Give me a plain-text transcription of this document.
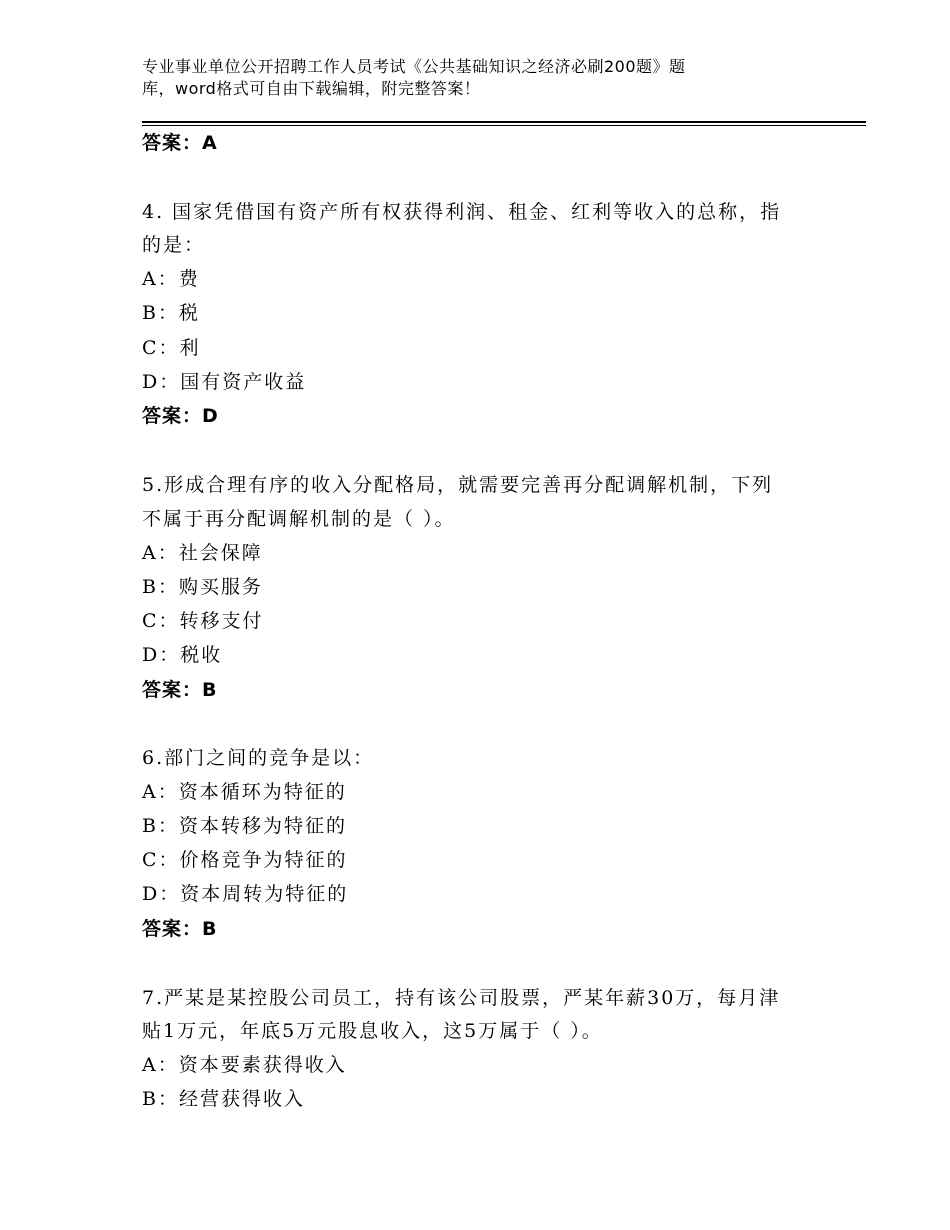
专业事业单位公开招聘工作人员考试《公共基础知识之经济必刷200题》题
库，word格式可自由下载编辑，附完整答案！
答案：A
4. 国家凭借国有资产所有权获得利润、租金、红利等收入的总称，指
的是：
A：费
B：税
C：利
D：国有资产收益
答案：D
5.形成合理有序的收入分配格局，就需要完善再分配调解机制，下列
不属于再分配调解机制的是（ ）。
A：社会保障
B：购买服务
C：转移支付
D：税收
答案：B
6.部门之间的竞争是以：
A：资本循环为特征的
B：资本转移为特征的
C：价格竞争为特征的
D：资本周转为特征的
答案：B
7.严某是某控股公司员工，持有该公司股票，严某年薪30万，每月津
贴1万元，年底5万元股息收入，这5万属于（ ）。
A：资本要素获得收入
B：经营获得收入
